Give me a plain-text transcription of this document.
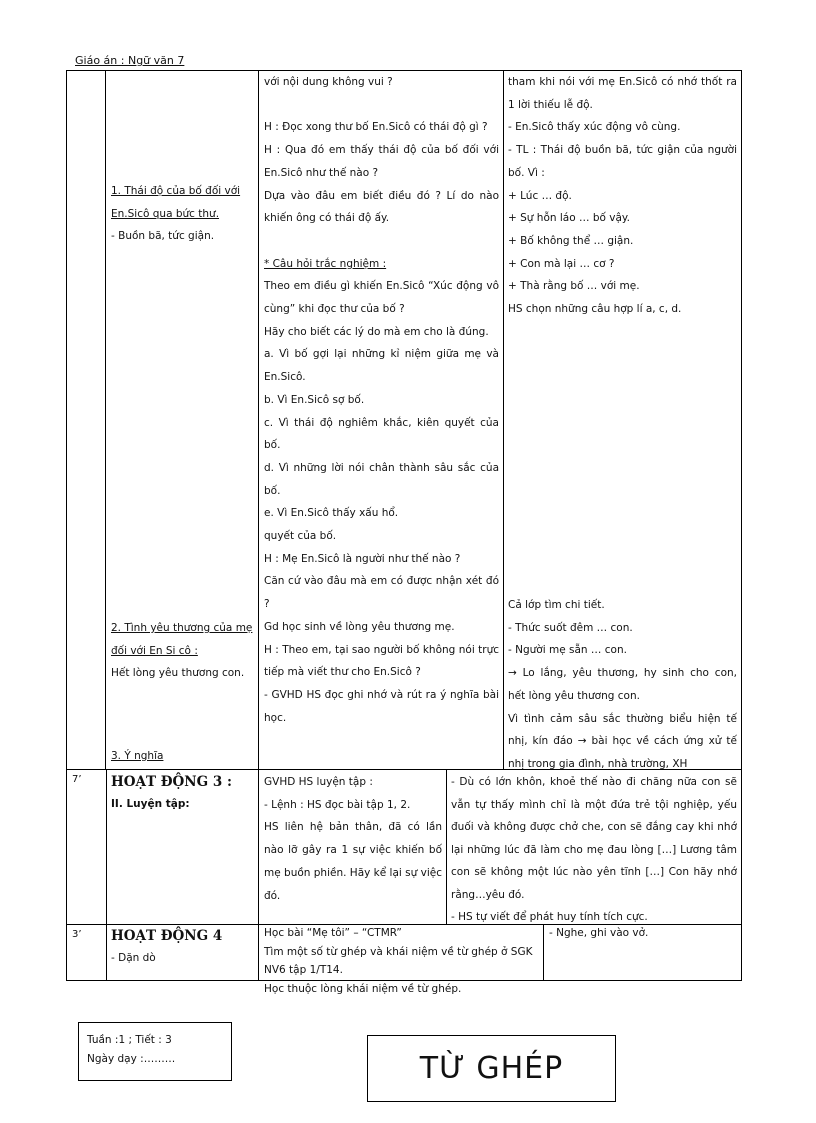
Giáo án : Ngữ văn 7

1. Thái độ của bố đối với En.Sicô qua bức thư.

- Buồn bã, tức giận.

2. Tình yêu thương của mẹ đối với En Si cô :

Hết lòng yêu thương con.

3. Ý nghĩa

với nội dung không vui ?

H : Đọc xong thư bố En.Sicô có thái độ gì ?

H : Qua đó em thấy thái độ của bố đối với En.Sicô như thế nào ?

Dựa vào đâu em biết điều đó ? Lí do nào khiến ông có thái độ ấy.

* Câu hỏi trắc nghiệm :

Theo em điều gì khiến En.Sicô “Xúc động vô cùng” khi đọc thư của bố ?

Hãy cho biết các lý do mà em cho là đúng.

a. Vì bố gợi lại những kỉ niệm giữa mẹ và En.Sicô.

b. Vì En.Sicô sợ bố.

c. Vì thái độ nghiêm khắc, kiên quyết của bố.

d. Vì những lời nói chân thành sâu sắc của bố.

e. Vì En.Sicô thấy xấu hổ.

quyết của bố.

H : Mẹ En.Sicô là người như thế nào ?

Căn cứ vào đâu mà em có được nhận xét đó ?

Gd học sinh về lòng yêu thương mẹ.

H : Theo em, tại sao người bố không nói trực tiếp mà viết thư cho En.Sicô ?

- GVHD HS đọc ghi nhớ và rút ra ý nghĩa bài học.

tham khi nói với mẹ En.Sicô có nhớ thốt ra 1 lời thiếu lễ độ.

- En.Sicô thấy xúc động vô cùng.

- TL : Thái độ buồn bã, tức giận của người bố. Vì :

+ Lúc … độ.

+ Sự hỗn láo … bố vậy.

+ Bố không thể … giận.

+ Con mà lại … cơ ?

+ Thà rằng bố … với mẹ.

HS chọn những câu hợp lí a, c, d.

Cả lớp tìm chi tiết.

- Thức suốt đêm … con.

- Người mẹ sẵn … con.

→ Lo lắng, yêu thương, hy sinh cho con, hết lòng yêu thương con.

Vì tình cảm sâu sắc thường biểu hiện tế nhị, kín đáo → bài học về cách ứng xử tế nhị trong gia đình, nhà trường, XH

7’ HOẠT ĐỘNG 3 :

II. Luyện tập:

GVHD HS luyện tập :

- Lệnh : HS đọc bài tập 1, 2.

HS liên hệ bản thân, đã có lần nào lỡ gây ra 1 sự việc khiến bố mẹ buồn phiền. Hãy kể lại sự việc đó.

- Dù có lớn khôn, khoẻ thế nào đi chăng nữa con sẽ vẫn tự thấy mình chỉ là một đứa trẻ tội nghiệp, yếu đuối và không được chở che, con sẽ đắng cay khi nhớ lại những lúc đã làm cho mẹ đau lòng […] Lương tâm con sẽ không một lúc nào yên tĩnh […] Con hãy nhớ rằng…yêu đó.

- HS tự viết để phát huy tính tích cực.

3’ HOẠT ĐỘNG 4

- Dặn dò

Học bài “Mẹ tôi” – “CTMR”

Tìm một số từ ghép và khái niệm về từ ghép ở SGK NV6 tập 1/T14.

Học thuộc lòng khái niệm về từ ghép.

- Nghe, ghi vào vở.

Tuần :1 ; Tiết : 3

Ngày dạy :………	TỪ GHÉP
